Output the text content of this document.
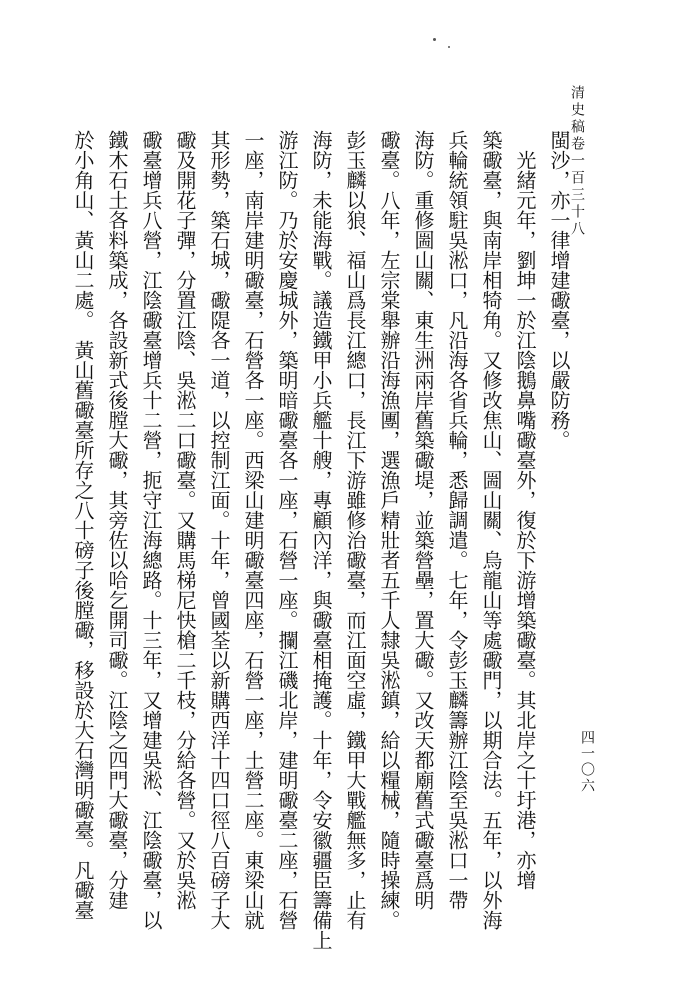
清史稿卷一百三十八
四一〇六
閩沙，亦一律增建礮臺，以嚴防務。
　光緒元年，劉坤一於江陰鵝鼻嘴礮臺外，復於下游增築礮臺。其北岸之十圩港，亦增
築礮臺，與南岸相犄角。又修改焦山、圌山關、烏龍山等處礮門，以期合法。五年，以外海
兵輪統領駐吳淞口，凡沿海各省兵輪，悉歸調遣。七年，令彭玉麟籌辦江陰至吳淞口一帶
海防。重修圌山關、東生洲兩岸舊築礮堤，並築營壘，置大礮。又改天都廟舊式礮臺爲明
礮臺。八年，左宗棠舉辦沿海漁團，選漁戶精壯者五千人隸吳淞鎮，給以糧械，隨時操練。
彭玉麟以狼、福山爲長江總口，長江下游雖修治礮臺，而江面空虛，鐵甲大戰艦無多，止有
海防，未能海戰。議造鐵甲小兵艦十艘，專顧內洋，與礮臺相掩護。十年，令安徽疆臣籌備上
游江防。乃於安慶城外，築明暗礮臺各一座，石營一座。攔江磯北岸，建明礮臺二座，石營
一座，南岸建明礮臺，石營各一座。西梁山建明礮臺四座，石營一座，土營二座。東梁山就
其形勢，築石城，礮隄各一道，以控制江面。十年，曾國荃以新購西洋十四口徑八百磅子大
礮及開花子彈，分置江陰、吳淞二口礮臺。又購馬梯尼快槍二千枝，分給各營。又於吳淞
礮臺增兵八營，江陰礮臺增兵十二營，扼守江海總路。十三年，又增建吳淞、江陰礮臺，以
鐵木石土各料築成，各設新式後膛大礮，其旁佐以哈乞開司礮。江陰之四門大礮臺，分建
於小角山、黃山二處。　黃山舊礮臺所存之八十磅子後膛礮，移設於大石灣明礮臺。凡礮臺
